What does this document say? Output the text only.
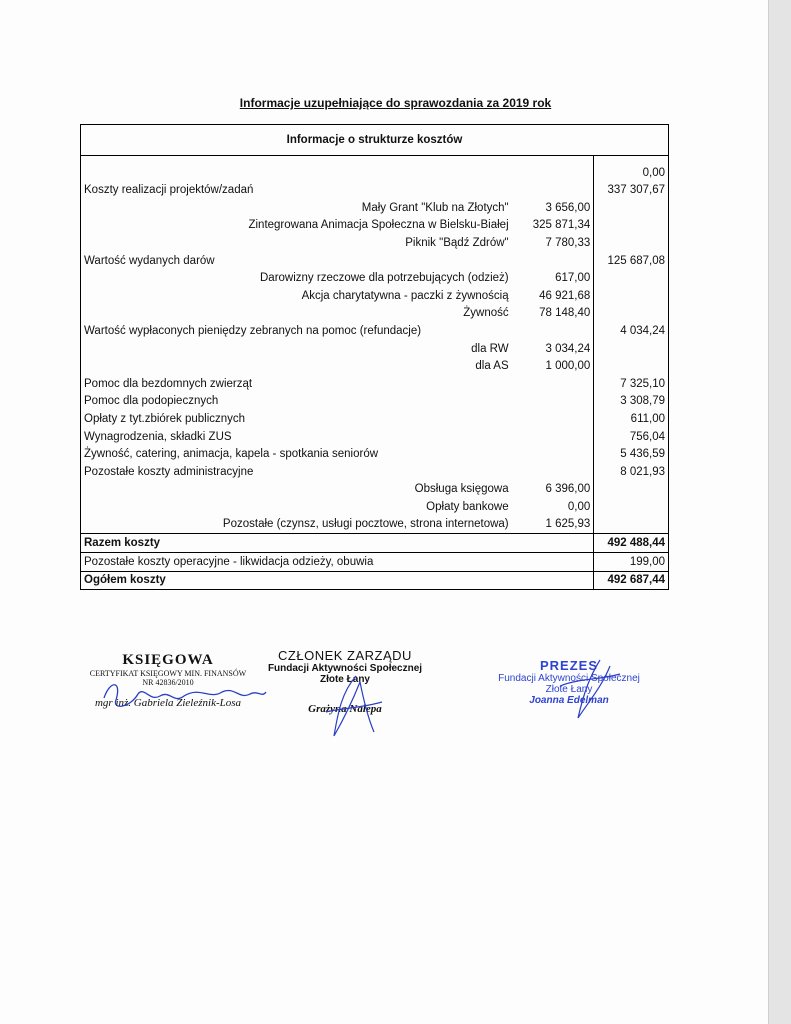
Informacje uzupełniające do sprawozdania za 2019 rok
Informacje o strukturze kosztów		

		0,00
Koszty realizacji projektów/zadań		337 307,67
Mały Grant "Klub na Złotych"	3 656,00	
Zintegrowana Animacja Społeczna w Bielsku-Białej	325 871,34	
Piknik "Bądź Zdrów"	7 780,33	
Wartość wydanych darów		125 687,08
Darowizny rzeczowe dla potrzebujących (odzież)	617,00	
Akcja charytatywna - paczki z żywnością	46 921,68	
Żywność	78 148,40	
Wartość wypłaconych pieniędzy zebranych na pomoc (refundacje)		4 034,24
dla RW	3 034,24	
dla AS	1 000,00	
Pomoc dla bezdomnych zwierząt		7 325,10
Pomoc dla podopiecznych		3 308,79
Opłaty z tyt.zbiórek publicznych		611,00
Wynagrodzenia, składki ZUS		756,04
Żywność, catering, animacja, kapela - spotkania seniorów		5 436,59
Pozostałe koszty administracyjne		8 021,93
Obsługa księgowa	6 396,00	
Opłaty bankowe	0,00	
Pozostałe (czynsz, usługi pocztowe, strona internetowa)	1 625,93	
Razem koszty		492 488,44
Pozostałe koszty operacyjne - likwidacja odzieży, obuwia		199,00
Ogółem koszty		492 687,44
KSIĘGOWA
CERTYFIKAT KSIĘGOWY MIN. FINANSÓW
NR 42836/2010
mgr inż. Gabriela Zieleźnik-Losa
CZŁONEK ZARZĄDU
Fundacji Aktywności Społecznej
Złote Łany
Grażyna Nalepa
PREZES
Fundacji Aktywności Społecznej
Złote Łany
Joanna Edelman
